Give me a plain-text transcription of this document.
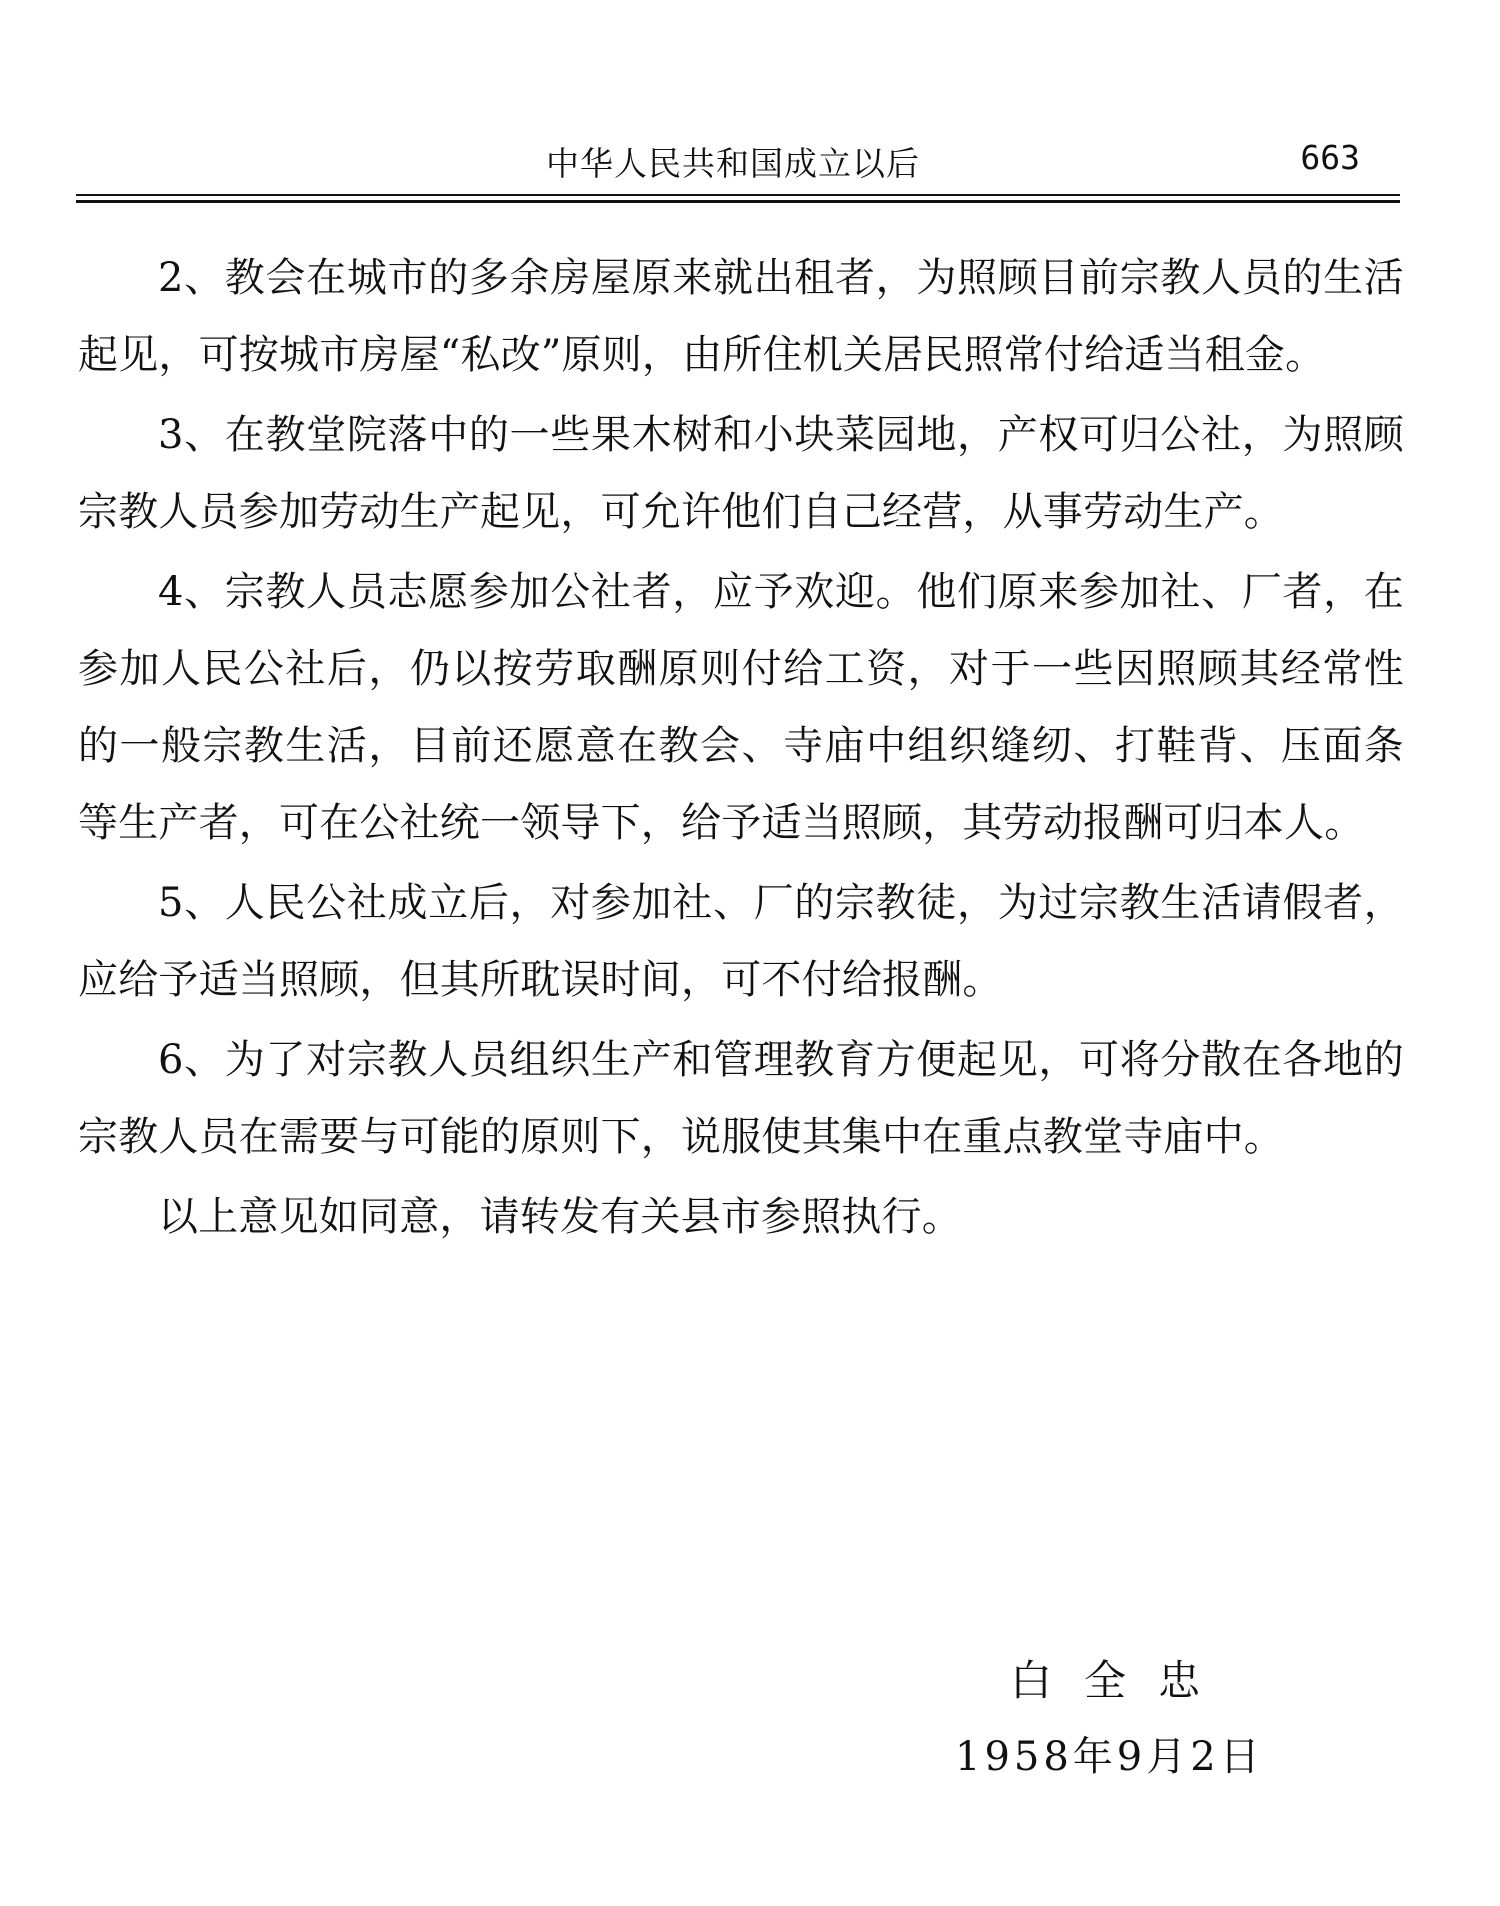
中华人民共和国成立以后	663

2、教会在城市的多余房屋原来就出租者，为照顾目前宗教人员的生活起见，可按城市房屋“私改”原则，由所住机关居民照常付给适当租金。

3、在教堂院落中的一些果木树和小块菜园地，产权可归公社，为照顾宗教人员参加劳动生产起见，可允许他们自己经营，从事劳动生产。

4、宗教人员志愿参加公社者，应予欢迎。他们原来参加社、厂者，在参加人民公社后，仍以按劳取酬原则付给工资，对于一些因照顾其经常性的一般宗教生活，目前还愿意在教会、寺庙中组织缝纫、打鞋背、压面条等生产者，可在公社统一领导下，给予适当照顾，其劳动报酬可归本人。

5、人民公社成立后，对参加社、厂的宗教徒，为过宗教生活请假者，应给予适当照顾，但其所耽误时间，可不付给报酬。

6、为了对宗教人员组织生产和管理教育方便起见，可将分散在各地的宗教人员在需要与可能的原则下，说服使其集中在重点教堂寺庙中。

以上意见如同意，请转发有关县市参照执行。

白全忠
1958年9月2日
